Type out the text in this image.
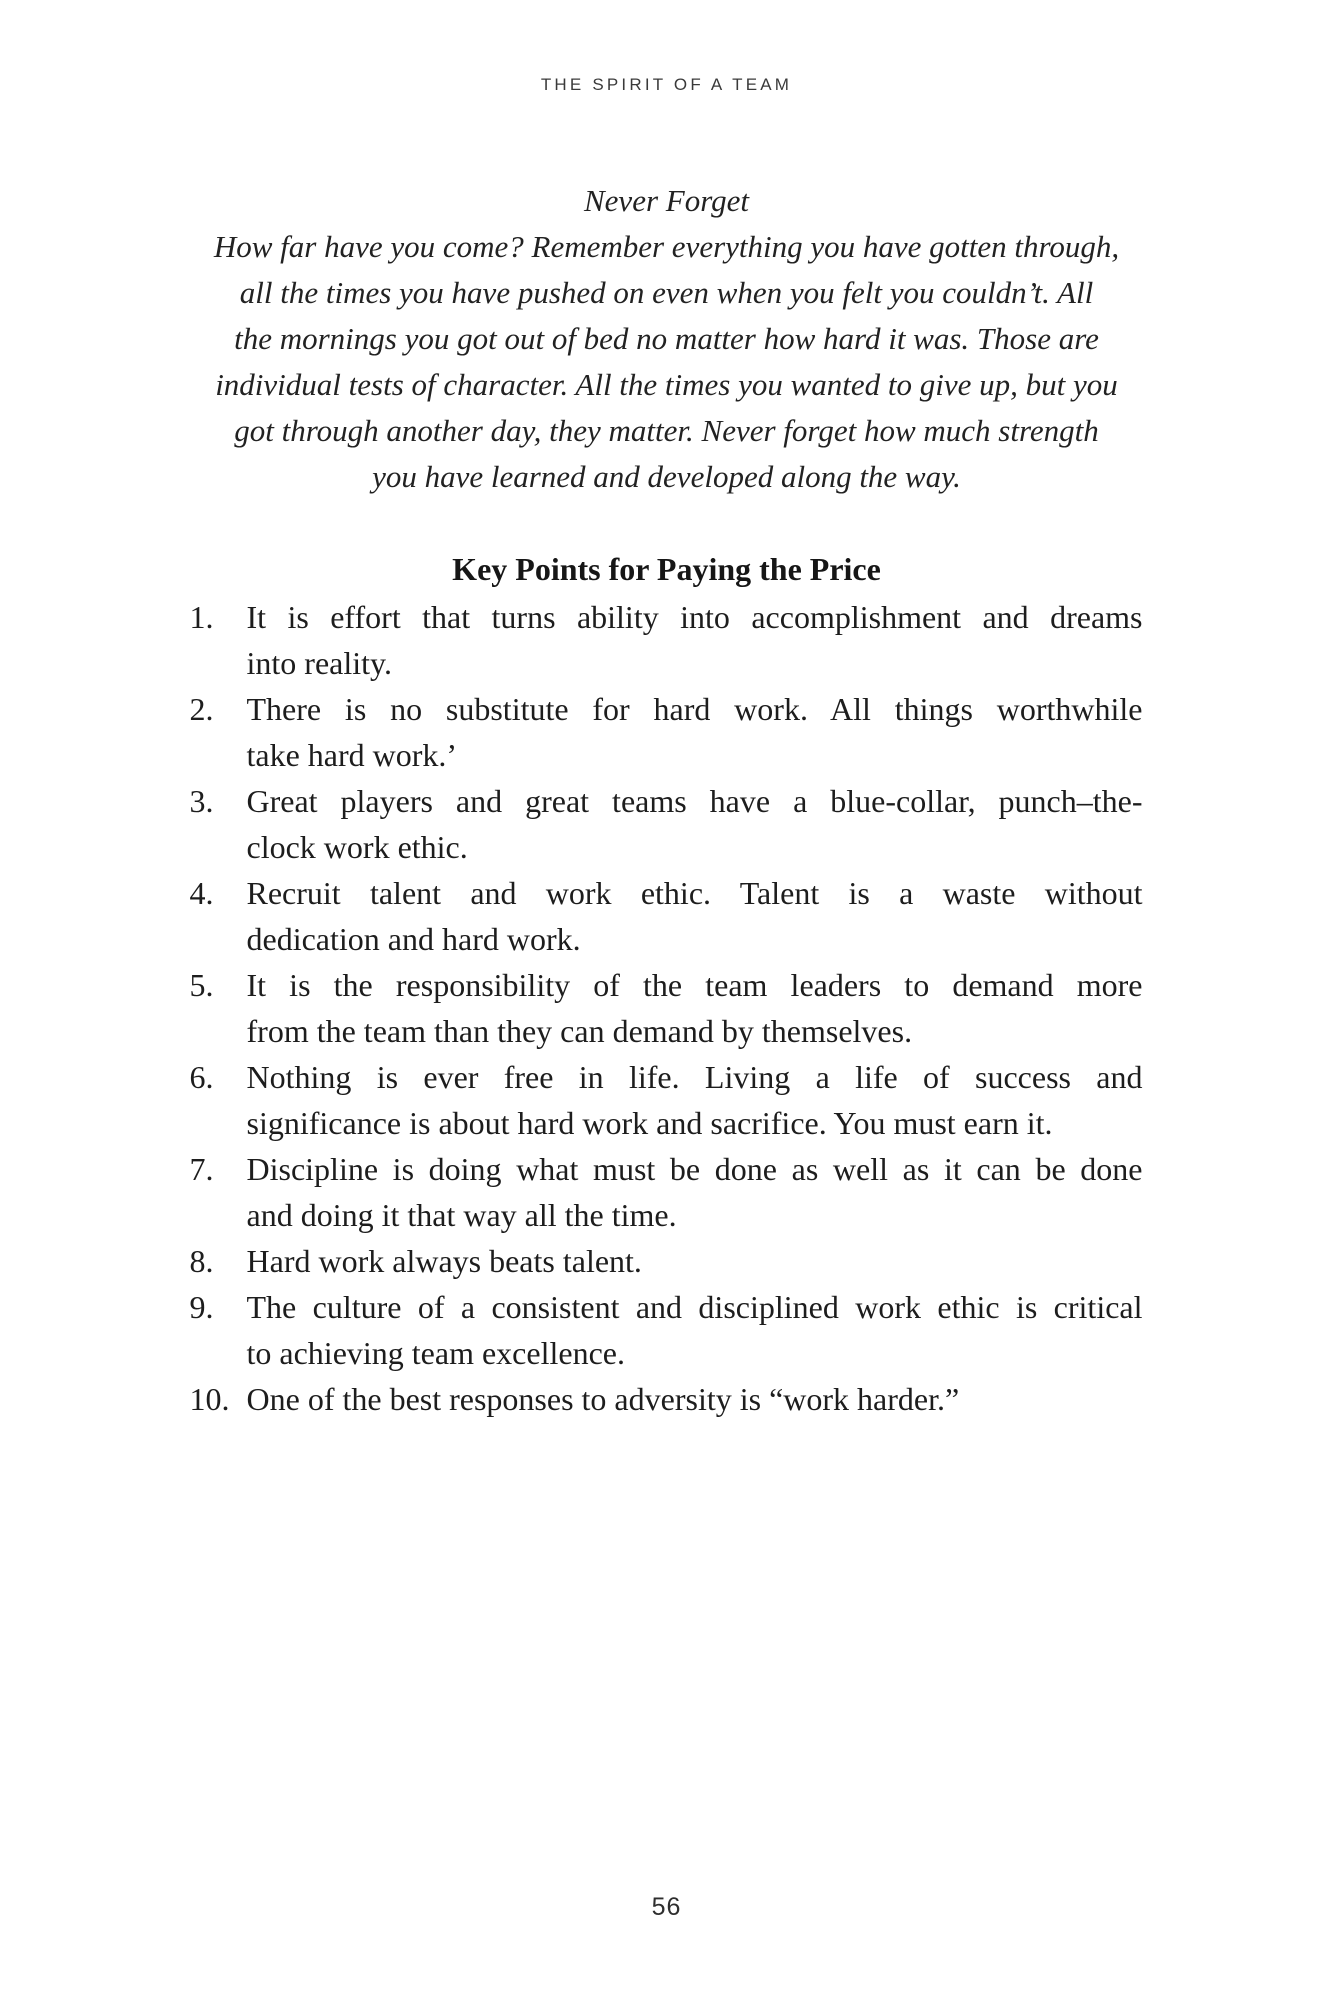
THE SPIRIT OF A TEAM
Never Forget
How far have you come? Remember everything you have gotten through,
all the times you have pushed on even when you felt you couldn’t. All
the mornings you got out of bed no matter how hard it was. Those are
individual tests of character. All the times you wanted to give up, but you
got through another day, they matter. Never forget how much strength
you have learned and developed along the way.
Key Points for Paying the Price
1.	It is effort that turns ability into accomplishment and dreams
into reality.
2.	There is no substitute for hard work. All things worthwhile
take hard work.’
3.	Great players and great teams have a blue-collar, punch–the-
clock work ethic.
4.	Recruit talent and work ethic. Talent is a waste without
dedication and hard work.
5.	It is the responsibility of the team leaders to demand more
from the team than they can demand by themselves.
6.	Nothing is ever free in life. Living a life of success and
significance is about hard work and sacrifice. You must earn it.
7.	Discipline is doing what must be done as well as it can be done
and doing it that way all the time.
8.	Hard work always beats talent.
9.	The culture of a consistent and disciplined work ethic is critical
to achieving team excellence.
10. One of the best responses to adversity is “work harder.”
56
